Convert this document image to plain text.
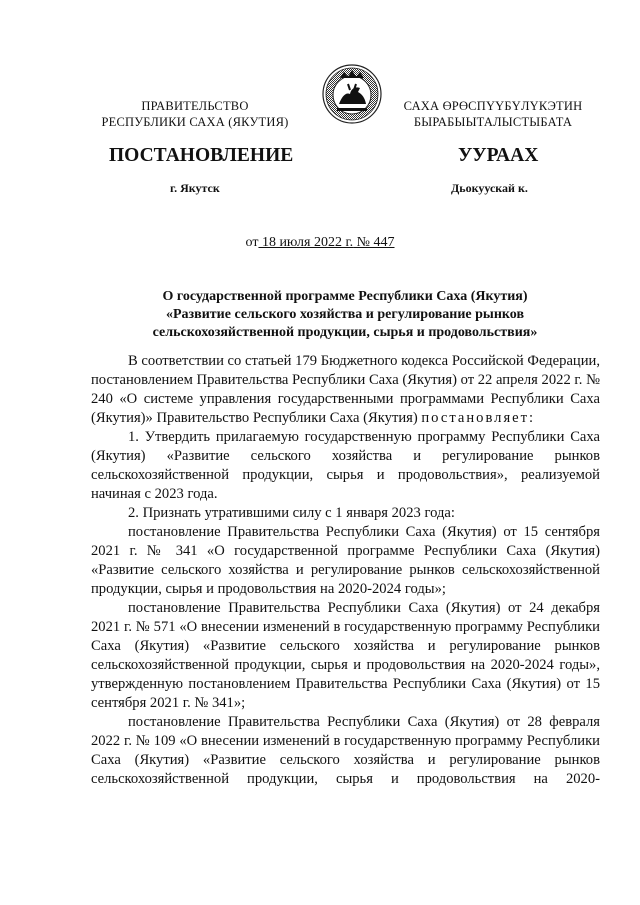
ПРАВИТЕЛЬСТВО
РЕСПУБЛИКИ САХА (ЯКУТИЯ)
САХА ӨРӨСПҮҮБҮЛҮКЭТИН
БЫРАБЫЫТАЛЫСТЫБАТА
ПОСТАНОВЛЕНИЕ	УУРААХ
г. Якутск	Дьокуускай к.
от 18 июля 2022 г. № 447
О государственной программе Республики Саха (Якутия)
«Развитие сельского хозяйства и регулирование рынков
сельскохозяйственной продукции, сырья и продовольствия»

В соответствии со статьей 179 Бюджетного кодекса Российской Федерации, постановлением Правительства Республики Саха (Якутия) от 22 апреля 2022 г. № 240 «О системе управления государственными программами Республики Саха (Якутия)» Правительство Республики Саха (Якутия) постановляет:

1. Утвердить прилагаемую государственную программу Республики Саха (Якутия) «Развитие сельского хозяйства и регулирование рынков сельскохозяйственной продукции, сырья и продовольствия», реализуемой начиная с 2023 года.

2. Признать утратившими силу с 1 января 2023 года:

постановление Правительства Республики Саха (Якутия) от 15 сентября 2021 г. № 341 «О государственной программе Республики Саха (Якутия) «Развитие сельского хозяйства и регулирование рынков сельскохозяйственной продукции, сырья и продовольствия на 2020-2024 годы»;

постановление Правительства Республики Саха (Якутия) от 24 декабря 2021 г. № 571 «О внесении изменений в государственную программу Республики Саха (Якутия) «Развитие сельского хозяйства и регулирование рынков сельскохозяйственной продукции, сырья и продовольствия на 2020-2024 годы», утвержденную постановлением Правительства Республики Саха (Якутия) от 15 сентября 2021 г. № 341»;

постановление Правительства Республики Саха (Якутия) от 28 февраля 2022 г. № 109 «О внесении изменений в государственную программу Республики Саха (Якутия) «Развитие сельского хозяйства и регулирование рынков сельскохозяйственной продукции, сырья и продовольствия на 2020-
